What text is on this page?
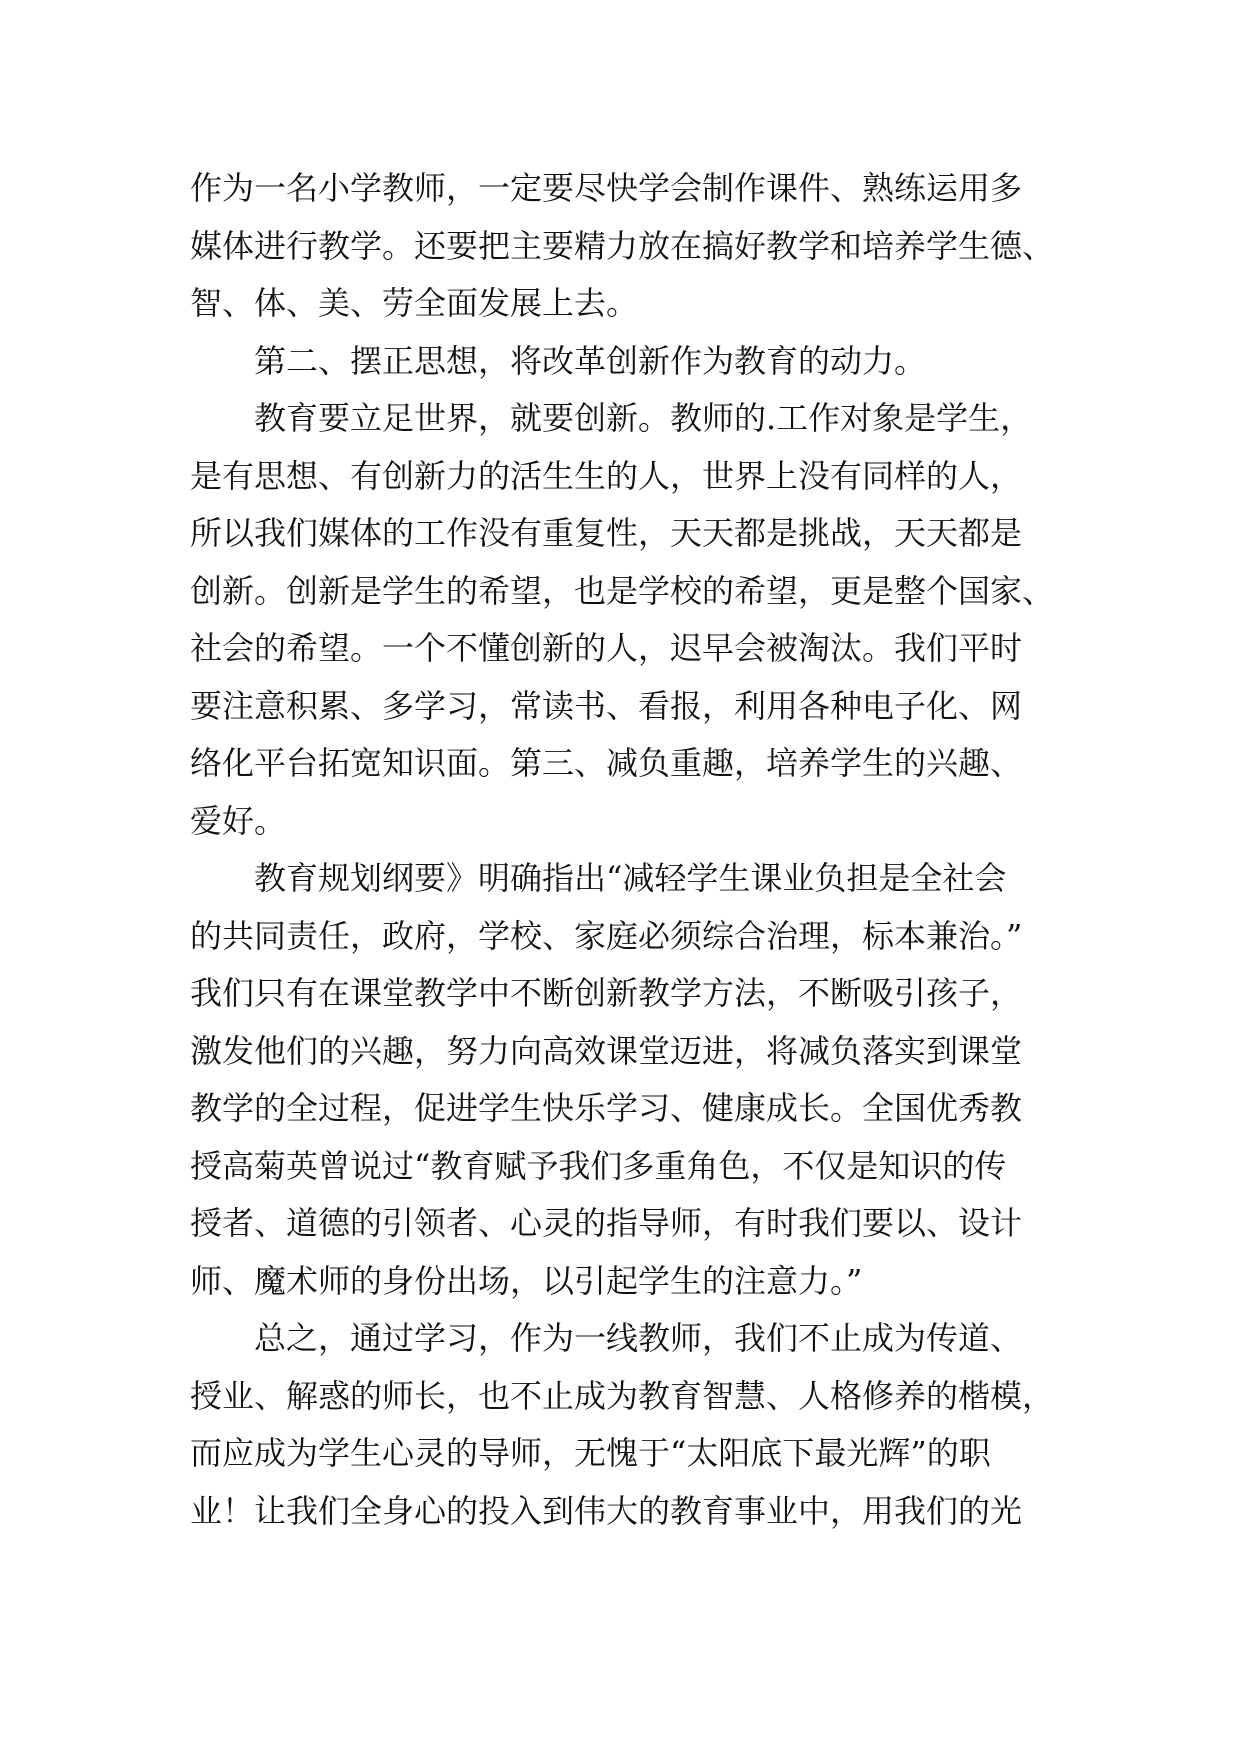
作为一名小学教师，一定要尽快学会制作课件、熟练运用多
媒体进行教学。还要把主要精力放在搞好教学和培养学生德、
智、体、美、劳全面发展上去。
第二、摆正思想，将改革创新作为教育的动力。
教育要立足世界，就要创新。教师的.工作对象是学生，
是有思想、有创新力的活生生的人，世界上没有同样的人，
所以我们媒体的工作没有重复性，天天都是挑战，天天都是
创新。创新是学生的希望，也是学校的希望，更是整个国家、
社会的希望。一个不懂创新的人，迟早会被淘汰。我们平时
要注意积累、多学习，常读书、看报，利用各种电子化、网
络化平台拓宽知识面。第三、减负重趣，培养学生的兴趣、
爱好。
教育规划纲要》明确指出“减轻学生课业负担是全社会
的共同责任，政府，学校、家庭必须综合治理，标本兼治。”
我们只有在课堂教学中不断创新教学方法，不断吸引孩子，
激发他们的兴趣，努力向高效课堂迈进，将减负落实到课堂
教学的全过程，促进学生快乐学习、健康成长。全国优秀教
授高菊英曾说过“教育赋予我们多重角色，不仅是知识的传
授者、道德的引领者、心灵的指导师，有时我们要以、设计
师、魔术师的身份出场，以引起学生的注意力。”
总之，通过学习，作为一线教师，我们不止成为传道、
授业、解惑的师长，也不止成为教育智慧、人格修养的楷模，
而应成为学生心灵的导师，无愧于“太阳底下最光辉”的职
业！让我们全身心的投入到伟大的教育事业中，用我们的光
